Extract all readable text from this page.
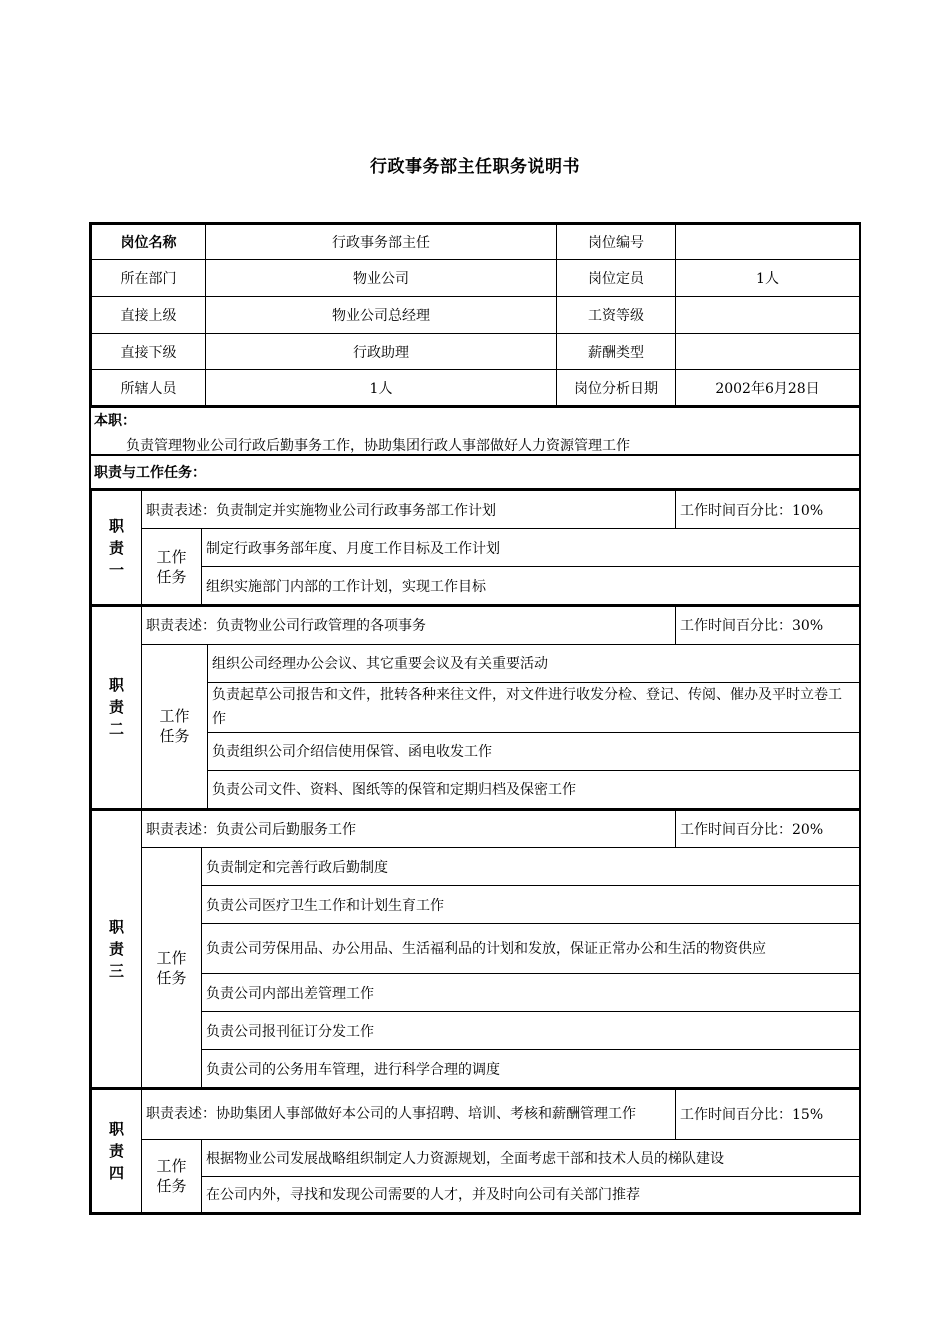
行政事务部主任职务说明书
岗位名称	行政事务部主任	岗位编号	
所在部门	物业公司	岗位定员	1人
直接上级	物业公司总经理	工资等级	
直接下级	行政助理	薪酬类型	
所辖人员	1人	岗位分析日期	2002年6月28日
本职：
负责管理物业公司行政后勤事务工作，协助集团行政人事部做好人力资源管理工作
职责与工作任务：
职
责
一	职责表述：负责制定并实施物业公司行政事务部工作计划		工作时间百分比：10%

	工作
任务	制定行政事务部年度、月度工作目标及工作计划	
		组织实施部门内部的工作计划，实现工作目标	
职
责
二	职责表述：负责物业公司行政管理的各项事务		工作时间百分比：30%

	工作
任务	组织公司经理办公会议、其它重要会议及有关重要活动	
		负责起草公司报告和文件，批转各种来往文件，对文件进行收发分检、登记、传阅、催办及平时立卷工作	
		负责组织公司介绍信使用保管、函电收发工作	
		负责公司文件、资料、图纸等的保管和定期归档及保密工作	
职
责
三	职责表述：负责公司后勤服务工作		工作时间百分比：20%

	工作
任务	负责制定和完善行政后勤制度	
		负责公司医疗卫生工作和计划生育工作	
		负责公司劳保用品、办公用品、生活福利品的计划和发放，保证正常办公和生活的物资供应	
		负责公司内部出差管理工作	
		负责公司报刊征订分发工作	
		负责公司的公务用车管理，进行科学合理的调度	
职
责
四	职责表述：协助集团人事部做好本公司的人事招聘、培训、考核和薪酬管理工作		工作时间百分比：15%

	工作
任务	根据物业公司发展战略组织制定人力资源规划，全面考虑干部和技术人员的梯队建设	
		在公司内外，寻找和发现公司需要的人才，并及时向公司有关部门推荐	
